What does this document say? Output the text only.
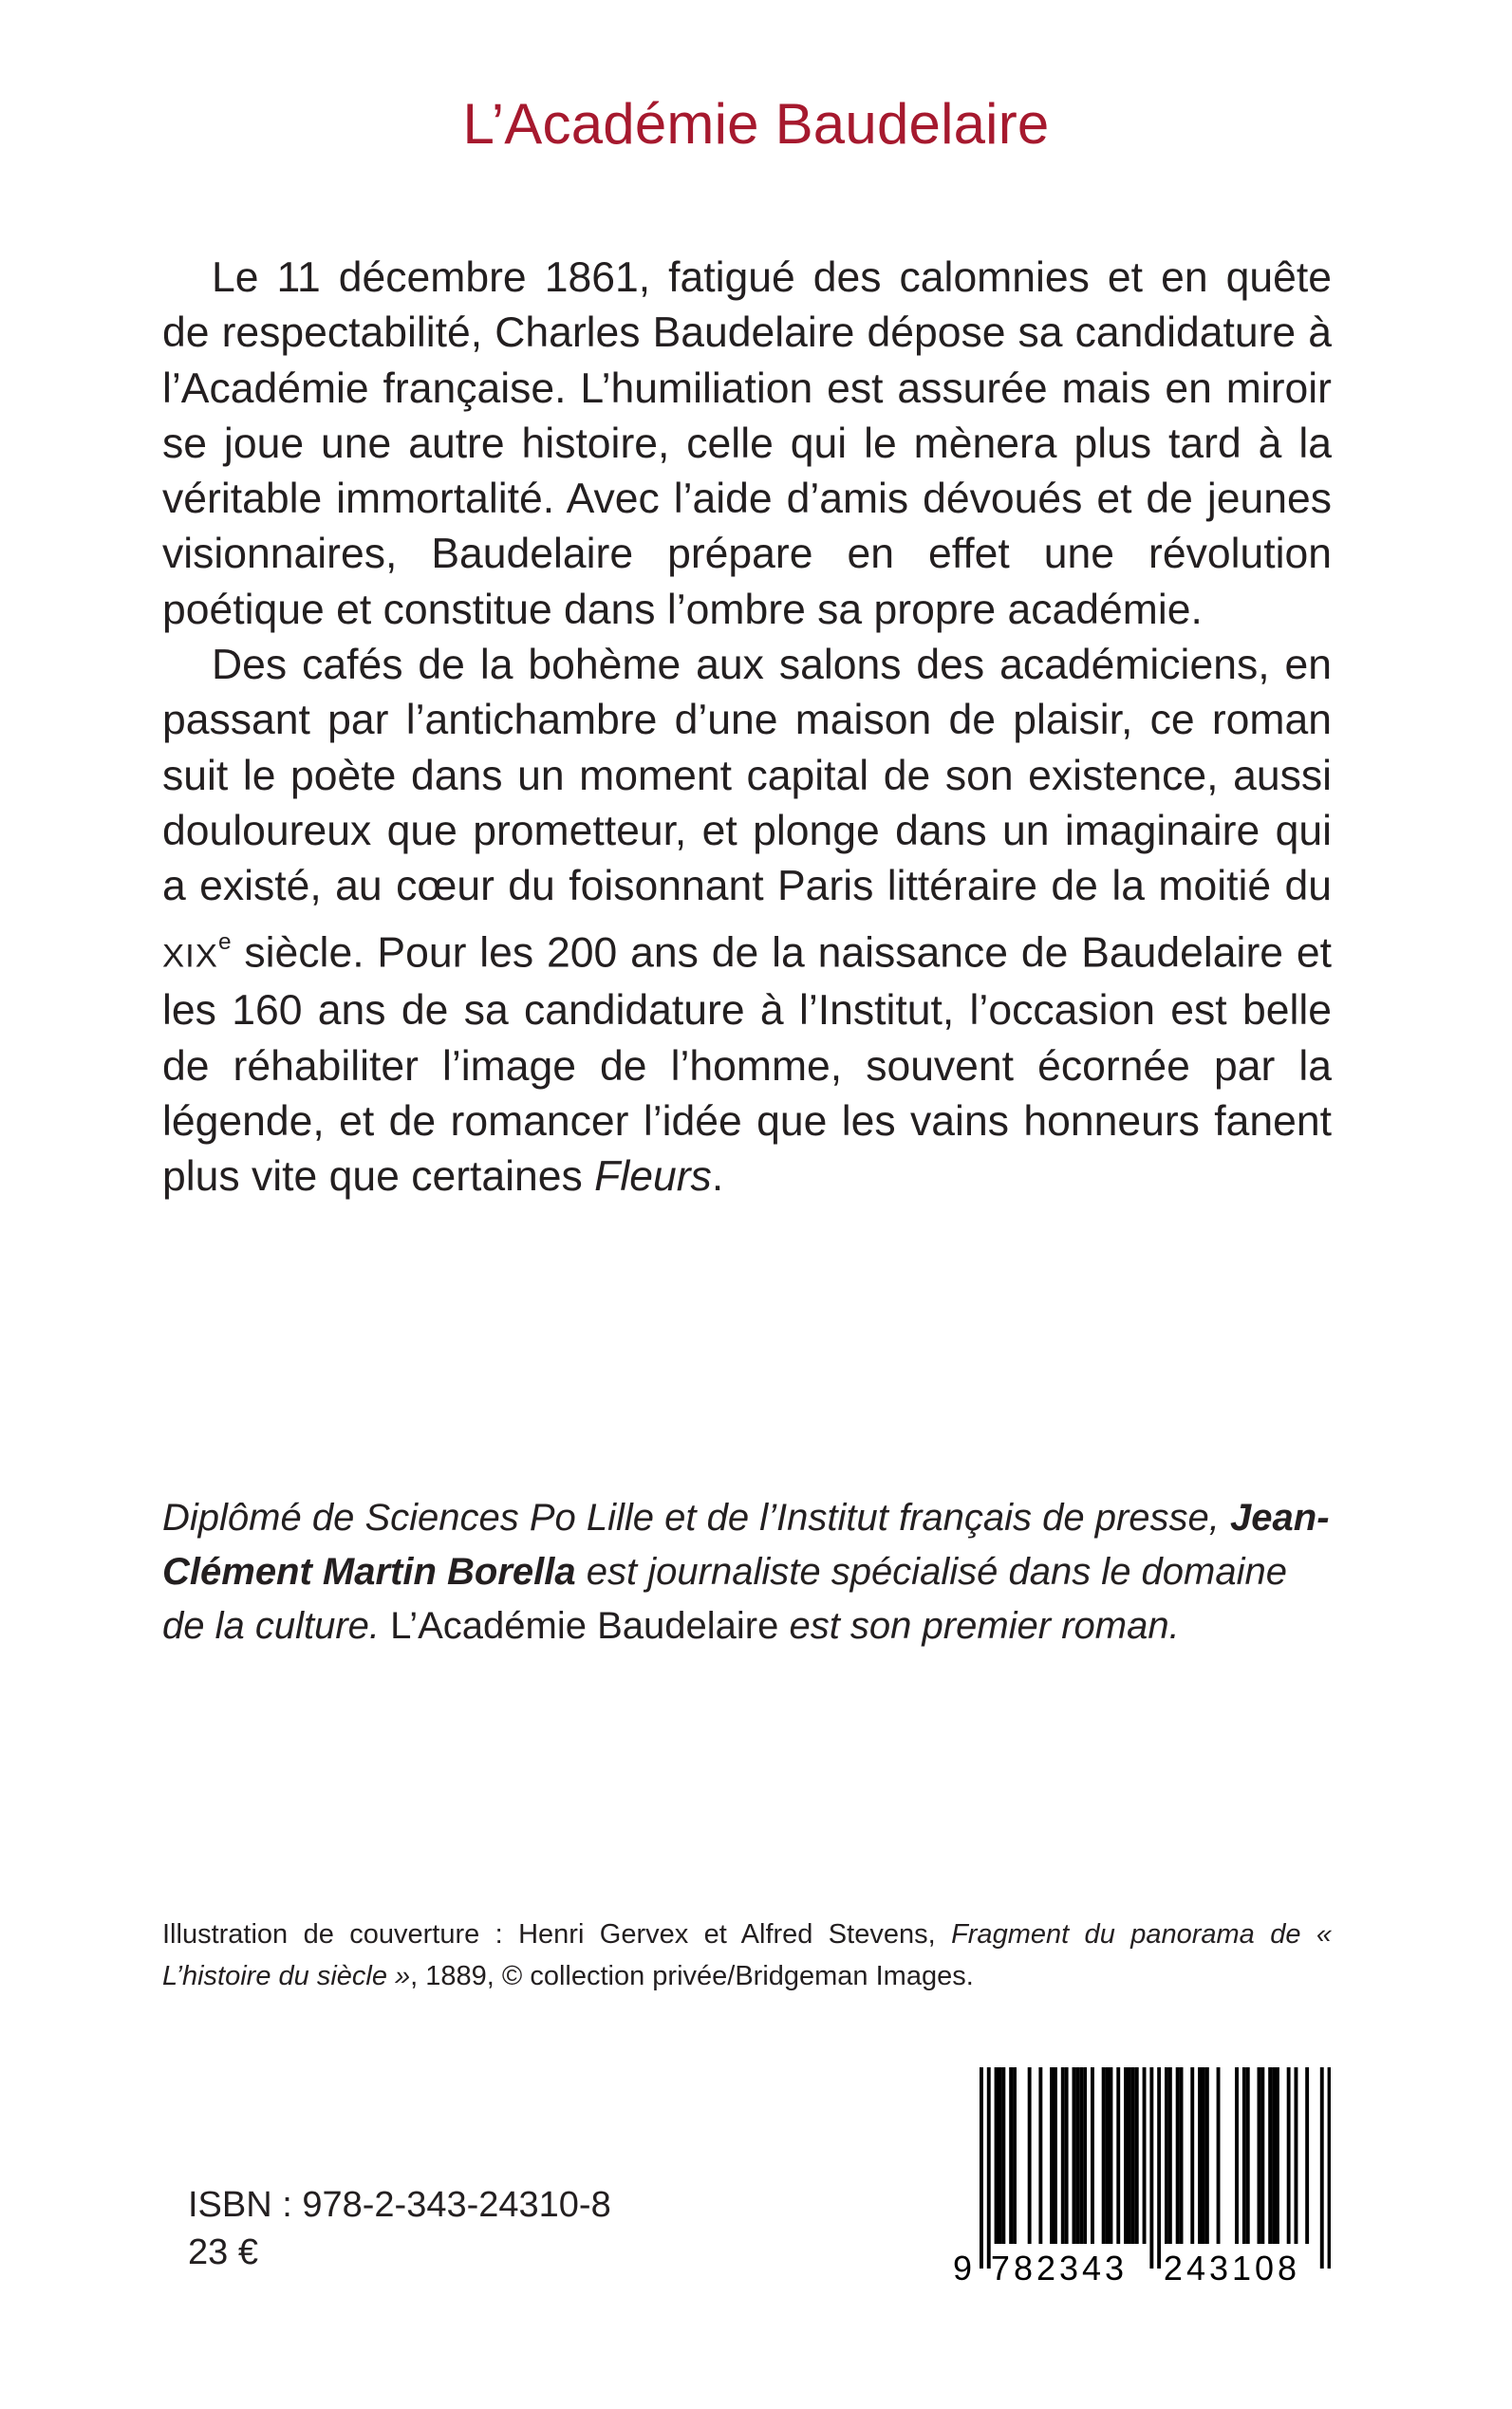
L’Académie Baudelaire

Le 11 décembre 1861, fatigué des calomnies et en quête de respectabilité, Charles Baudelaire dépose sa candidature à l’Académie française. L’humiliation est assurée mais en miroir se joue une autre histoire, celle qui le mènera plus tard à la véritable immortalité. Avec l’aide d’amis dévoués et de jeunes visionnaires, Baudelaire prépare en effet une révolution poétique et constitue dans l’ombre sa propre académie.

Des cafés de la bohème aux salons des académiciens, en passant par l’antichambre d’une maison de plaisir, ce roman suit le poète dans un moment capital de son existence, aussi douloureux que prometteur, et plonge dans un imaginaire qui a existé, au cœur du foisonnant Paris littéraire de la moitié du XIXe siècle. Pour les 200 ans de la naissance de Baudelaire et les 160 ans de sa candidature à l’Institut, l’occasion est belle de réhabiliter l’image de l’homme, souvent écornée par la légende, et de romancer l’idée que les vains honneurs fanent plus vite que certaines Fleurs.

Diplômé de Sciences Po Lille et de l’Institut français de presse, Jean-Clément Martin Borella est journaliste spécialisé dans le domaine de la culture. L’Académie Baudelaire est son premier roman.
Illustration de couverture : Henri Gervex et Alfred Stevens, Fragment du panorama de « L’histoire du siècle », 1889, © collection privée/Bridgeman Images.
ISBN : 978-2-343-24310-8
23 €	9 782343 243108
